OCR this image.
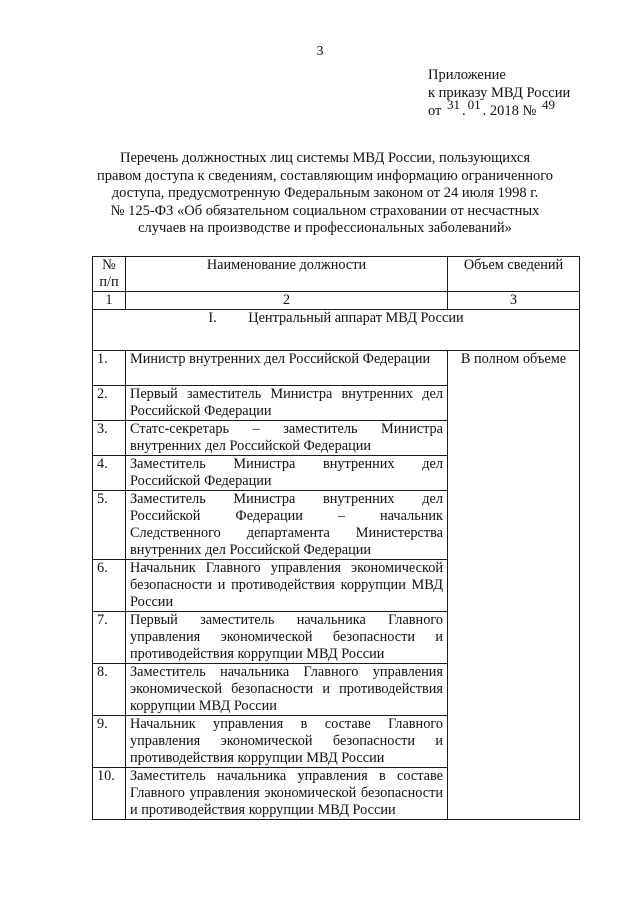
3
Приложение
к приказу МВД России
от 31 . 01 . 2018 № 49
Перечень должностных лиц системы МВД России, пользующихся
правом доступа к сведениям, составляющим информацию ограниченного
доступа, предусмотренную Федеральным законом от 24 июля 1998 г.
№ 125-ФЗ «Об обязательном социальном страховании от несчастных
случаев на производстве и профессиональных заболеваний»
№
п/п	Наименование должности	Объем сведений
1	2	3
I. Центральный аппарат МВД России		
1.	Министр внутренних дел Российской Федерации	В полном объеме
2.	Первый заместитель Министра внутренних дел Российской Федерации	
3.	Статс-секретарь – заместитель Министра внутренних дел Российской Федерации	
4.	Заместитель Министра внутренних дел Российской Федерации	
5.	Заместитель Министра внутренних дел Российской Федерации – начальник Следственного департамента Министерства внутренних дел Российской Федерации	
6.	Начальник Главного управления экономической безопасности и противодействия коррупции МВД России	
7.	Первый заместитель начальника Главного управления экономической безопасности и противодействия коррупции МВД России	
8.	Заместитель начальника Главного управления экономической безопасности и противодействия коррупции МВД России	
9.	Начальник управления в составе Главного управления экономической безопасности и противодействия коррупции МВД России	
10.	Заместитель начальника управления в составе Главного управления экономической безопасности и противодействия коррупции МВД России	
